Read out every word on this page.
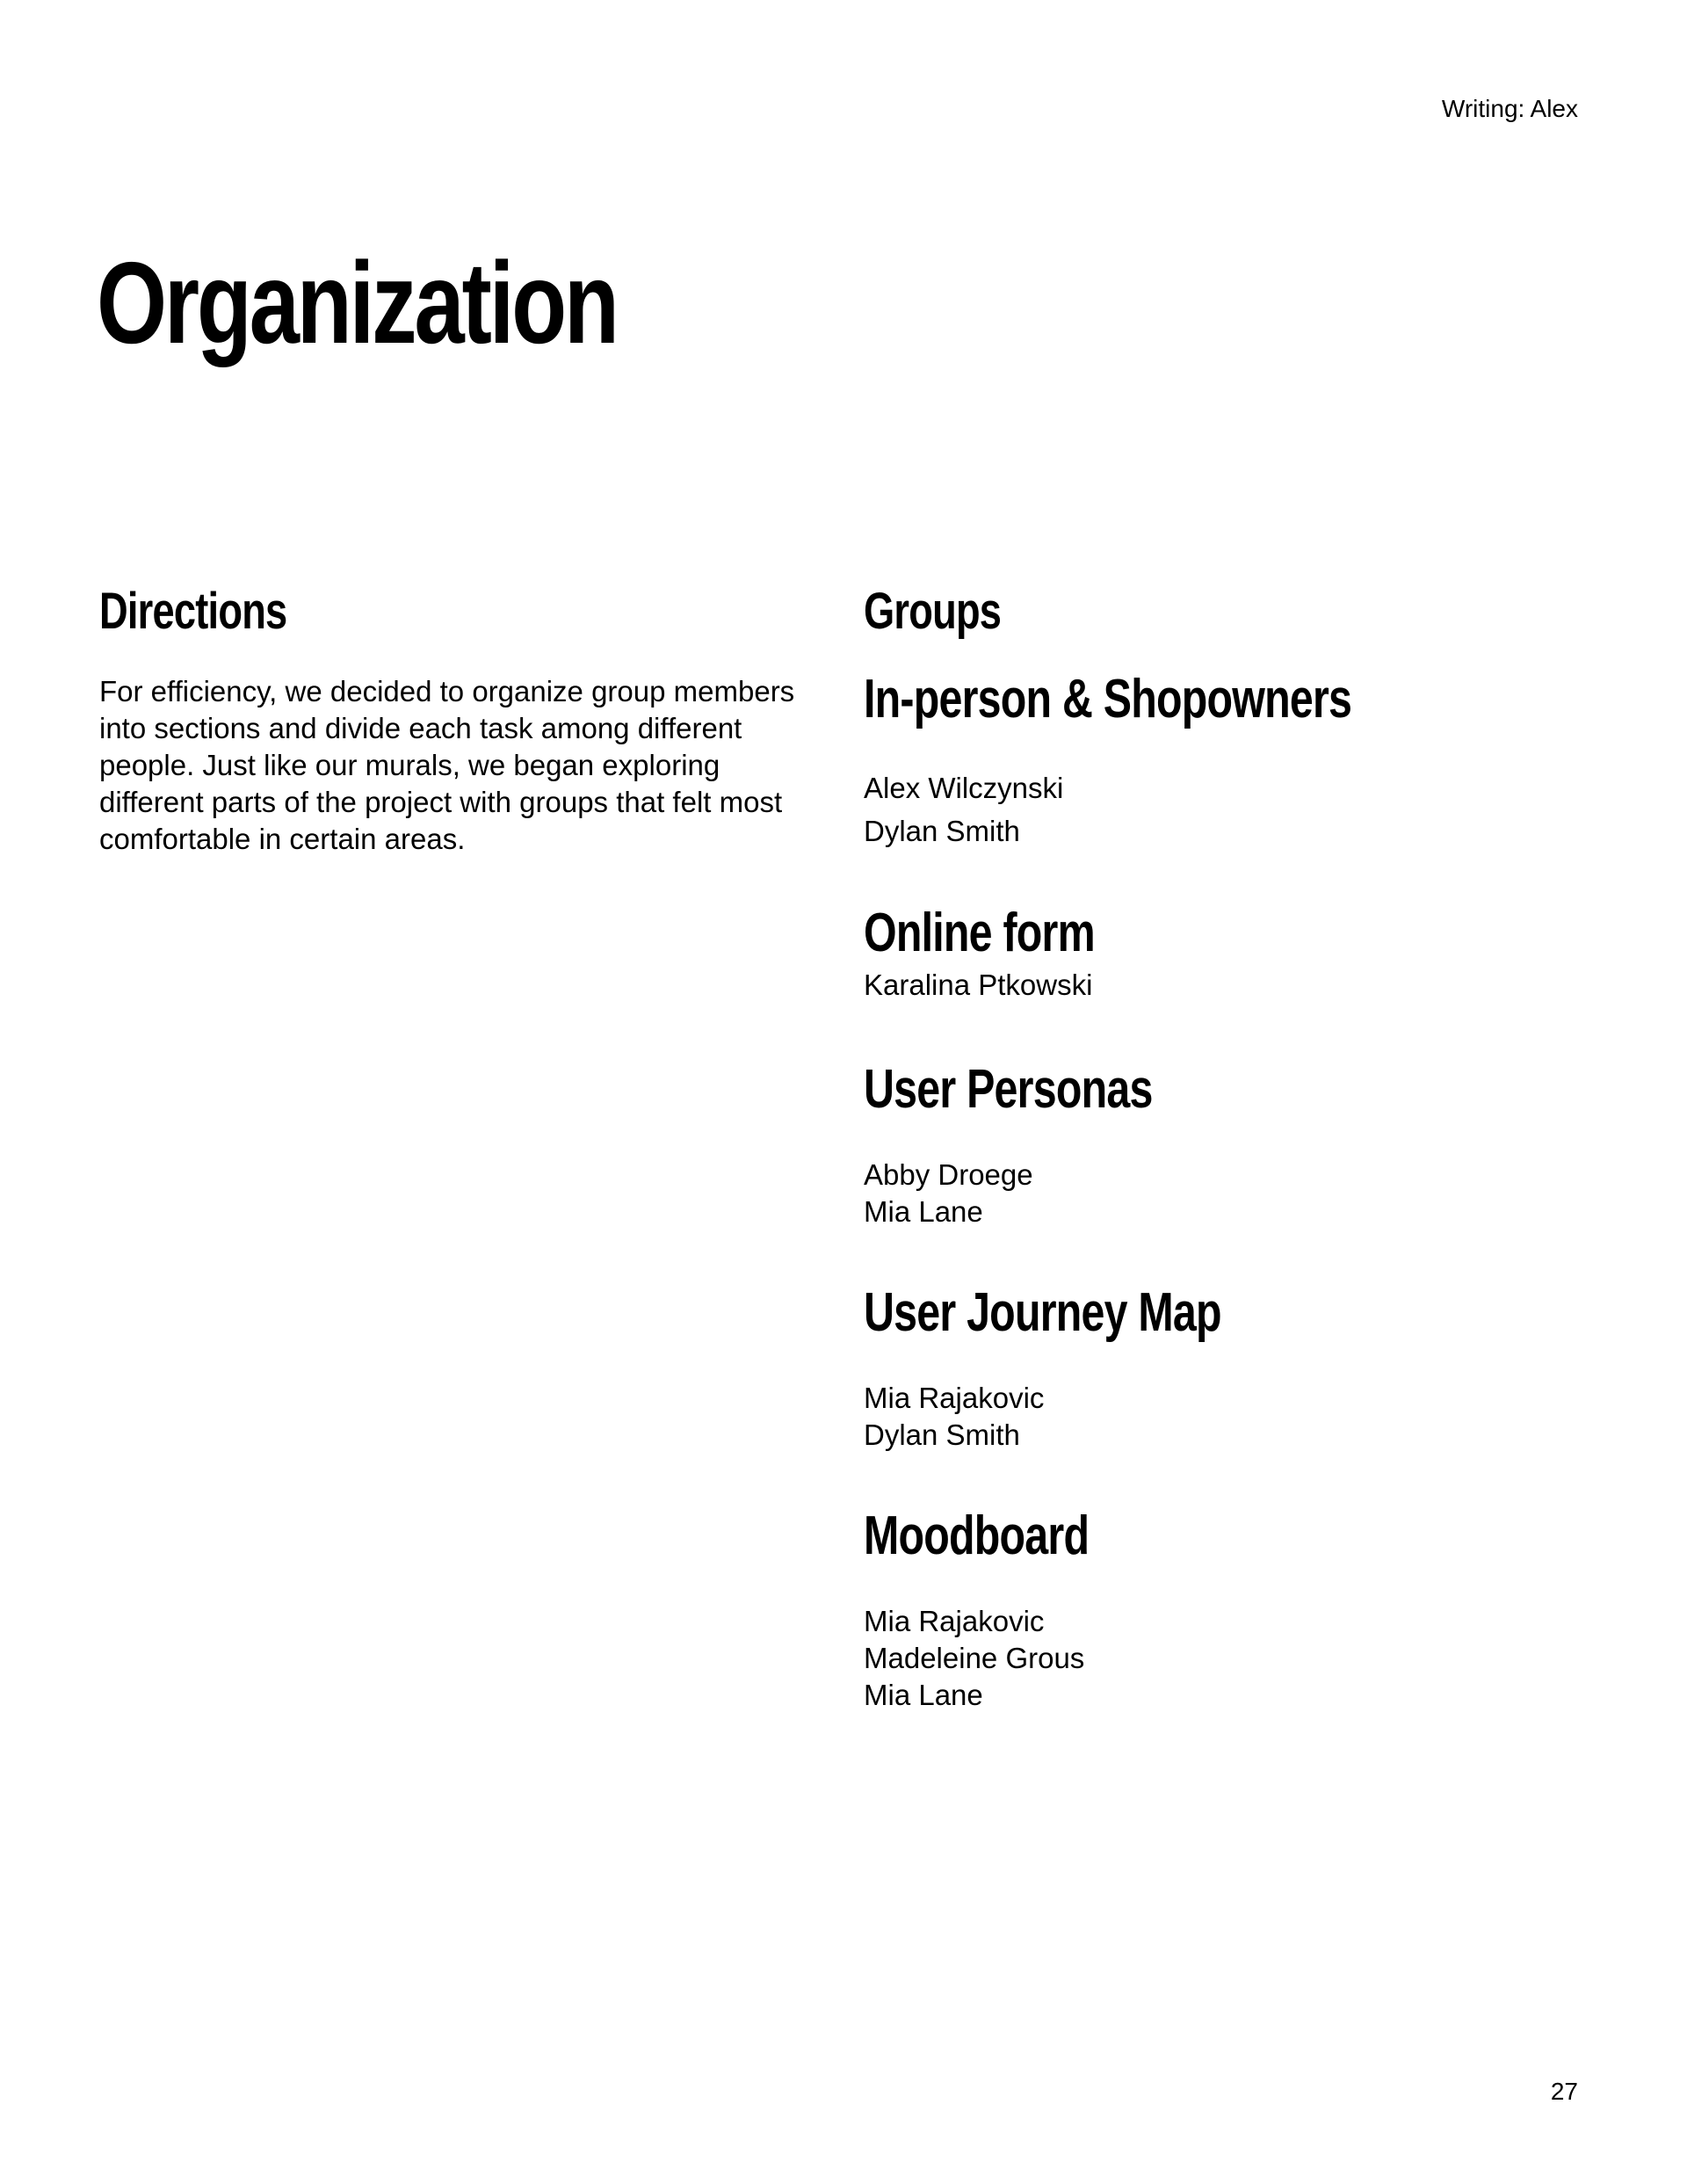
Writing: Alex

Organization
Directions

For efficiency, we decided to organize group members into sections and divide each task among different people. Just like our murals, we began exploring different parts of the project with groups that felt most comfortable in certain areas.

Groups
In-person & Shopowners

Alex Wilczynski

Dylan Smith

Online form

Karalina Ptkowski

User Personas

Abby Droege

Mia Lane

User Journey Map

Mia Rajakovic

Dylan Smith

Moodboard

Mia Rajakovic

Madeleine Grous

Mia Lane

27
